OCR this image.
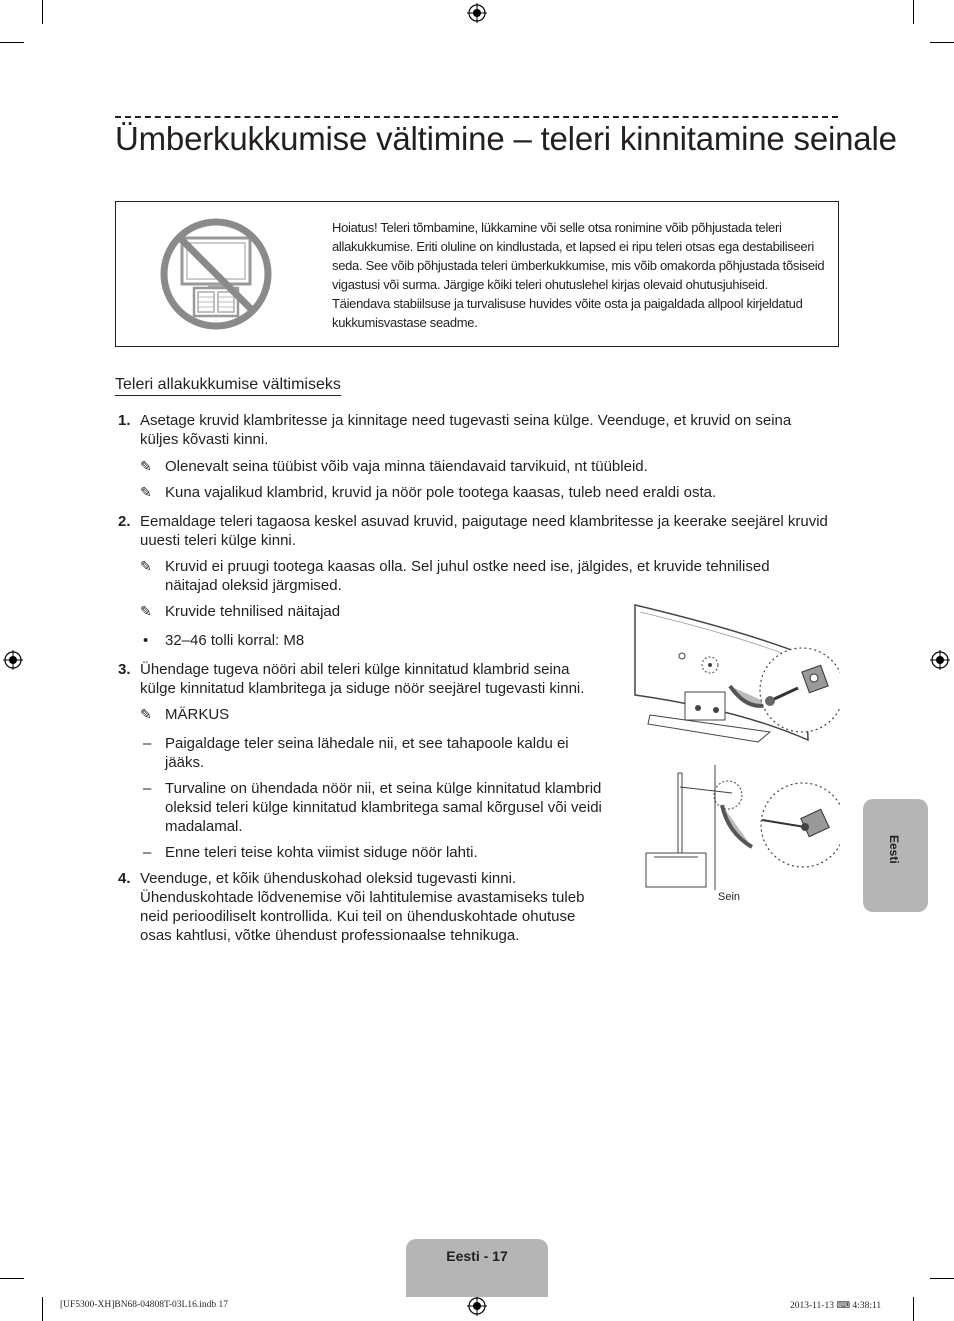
Ümberkukkumise vältimine – teleri kinnitamine seinale
Hoiatus! Teleri tõmbamine, lükkamine või selle otsa ronimine võib põhjustada teleri allakukkumise. Eriti oluline on kindlustada, et lapsed ei ripu teleri otsas ega destabiliseeri seda. See võib põhjustada teleri ümberkukkumise, mis võib omakorda põhjustada tõsiseid vigastusi või surma. Järgige kõiki teleri ohutuslehel kirjas olevaid ohutusjuhiseid. Täiendava stabiilsuse ja turvalisuse huvides võite osta ja paigaldada allpool kirjeldatud kukkumisvastase seadme.
Teleri allakukkumise vältimiseks
1. Asetage kruvid klambritesse ja kinnitage need tugevasti seina külge. Veenduge, et kruvid on seina küljes kõvasti kinni.
✎ Olenevalt seina tüübist võib vaja minna täiendavaid tarvikuid, nt tüübleid.
✎ Kuna vajalikud klambrid, kruvid ja nöör pole tootega kaasas, tuleb need eraldi osta.
2. Eemaldage teleri tagaosa keskel asuvad kruvid, paigutage need klambritesse ja keerake seejärel kruvid uuesti teleri külge kinni.
✎ Kruvid ei pruugi tootega kaasas olla. Sel juhul ostke need ise, jälgides, et kruvide tehnilised näitajad oleksid järgmised.
✎ Kruvide tehnilised näitajad
• 32–46 tolli korral: M8
3. Ühendage tugeva nööri abil teleri külge kinnitatud klambrid seina külge kinnitatud klambritega ja siduge nöör seejärel tugevasti kinni.
✎ MÄRKUS
– Paigaldage teler seina lähedale nii, et see tahapoole kaldu ei jääks.
– Turvaline on ühendada nöör nii, et seina külge kinnitatud klambrid oleksid teleri külge kinnitatud klambritega samal kõrgusel või veidi madalamal.
– Enne teleri teise kohta viimist siduge nöör lahti.
4. Veenduge, et kõik ühenduskohad oleksid tugevasti kinni. Ühenduskohtade lõdvenemise või lahtitulemise avastamiseks tuleb neid perioodiliselt kontrollida. Kui teil on ühenduskohtade ohutuse osas kahtlusi, võtke ühendust professionaalse tehnikuga.
Sein
Eesti
Eesti - 17
[UF5300-XH]BN68-04808T-03L16.indb 17	2013-11-13 ⌨ 4:38:11
